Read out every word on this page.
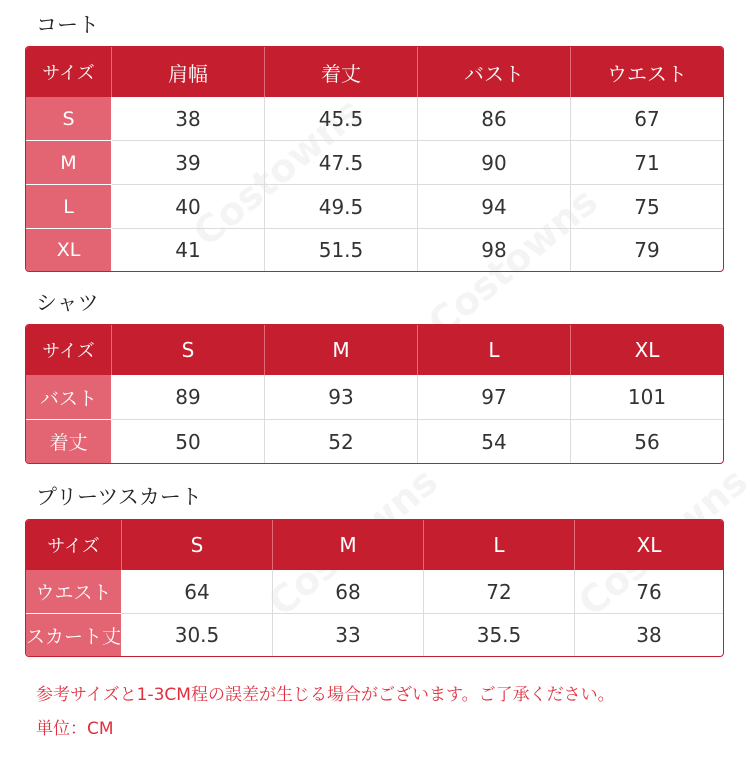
コート
サイズ	肩幅	着丈	バスト	ウエスト
S	38	45.5	86	67
M	39	47.5	90	71
L	40	49.5	94	75
XL	41	51.5	98	79
シャツ
サイズ	S	M	L	XL
バスト	89	93	97	101
着丈	50	52	54	56
プリーツスカート
サイズ	S	M	L	XL
ウエスト	64	68	72	76
スカート丈	30.5	33	35.5	38

参考サイズと1-3CM程の誤差が生じる場合がございます。ご了承ください。

単位：CM
